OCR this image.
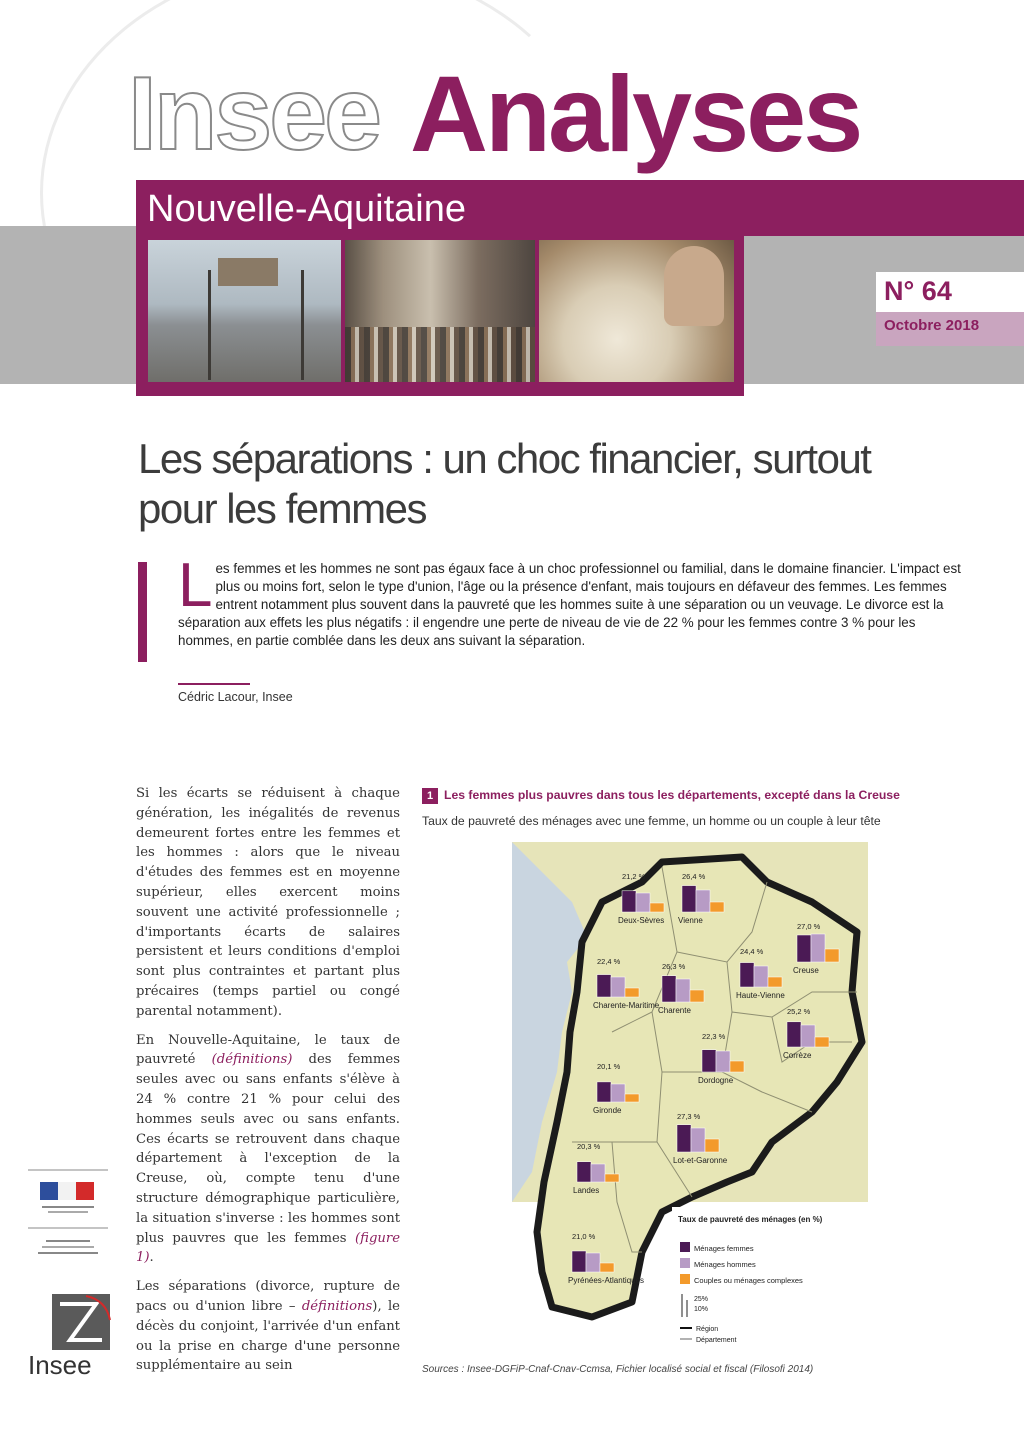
Insee Analyses
Nouvelle-Aquitaine
N° 64
Octobre 2018
Les séparations : un choc financier, surtout pour les femmes
Les femmes et les hommes ne sont pas égaux face à un choc professionnel ou familial, dans le domaine financier. L'impact est plus ou moins fort, selon le type d'union, l'âge ou la présence d'enfant, mais toujours en défaveur des femmes. Les femmes entrent notamment plus souvent dans la pauvreté que les hommes suite à une séparation ou un veuvage. Le divorce est la séparation aux effets les plus négatifs : il engendre une perte de niveau de vie de 22 % pour les femmes contre 3 % pour les hommes, en partie comblée dans les deux ans suivant la séparation.
Cédric Lacour, Insee

Si les écarts se réduisent à chaque génération, les inégalités de revenus demeurent fortes entre les femmes et les hommes : alors que le niveau d'études des femmes est en moyenne supérieur, elles exercent moins souvent une activité professionnelle ; d'importants écarts de salaires persistent et leurs conditions d'emploi sont plus contraintes et partant plus précaires (temps partiel ou congé parental notamment).

En Nouvelle-Aquitaine, le taux de pauvreté (définitions) des femmes seules avec ou sans enfants s'élève à 24 % contre 21 % pour celui des hommes seuls avec ou sans enfants. Ces écarts se retrouvent dans chaque département à l'exception de la Creuse, où, compte tenu d'une structure démographique particulière, la situation s'inverse : les hommes sont plus pauvres que les femmes (figure 1).

Les séparations (divorce, rupture de pacs ou d'union libre – définitions), le décès du conjoint, l'arrivée d'un enfant ou la prise en charge d'une personne supplémentaire au sein

1 Les femmes plus pauvres dans tous les départements, excepté dans la Creuse
Taux de pauvreté des ménages avec une femme, un homme ou un couple à leur tête
21,2 %
Deux-Sèvres
26,4 %
Vienne
27,0 %
Creuse
22,4 %
Charente-Maritime
26,3 %
Charente
24,4 %
Haute-Vienne
25,2 %
Corrèze
22,3 %
Dordogne
20,1 %
Gironde
27,3 %
Lot-et-Garonne
20,3 %
Landes
21,0 %
Pyrénées-Atlantiques
Taux de pauvreté des ménages (en %)
Ménages femmes
Ménages hommes
Couples ou ménages complexes
25%
10%
Région
Département
Sources : Insee-DGFiP-Cnaf-Cnav-Ccmsa, Fichier localisé social et fiscal (Filosofi 2014)
Insee
